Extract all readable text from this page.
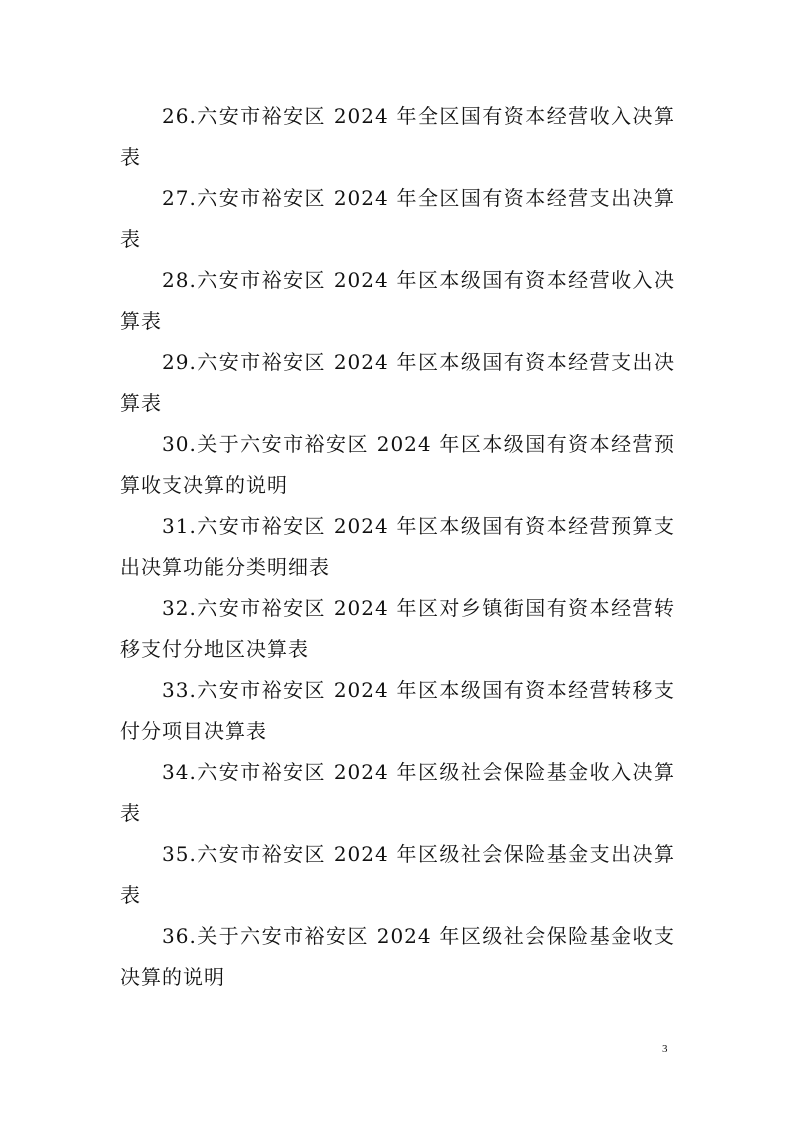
26.六安市裕安区 2024 年全区国有资本经营收入决算表
27.六安市裕安区 2024 年全区国有资本经营支出决算表
28.六安市裕安区 2024 年区本级国有资本经营收入决算表
29.六安市裕安区 2024 年区本级国有资本经营支出决算表
30.关于六安市裕安区 2024 年区本级国有资本经营预算收支决算的说明
31.六安市裕安区 2024 年区本级国有资本经营预算支出决算功能分类明细表
32.六安市裕安区 2024 年区对乡镇街国有资本经营转移支付分地区决算表
33.六安市裕安区 2024 年区本级国有资本经营转移支付分项目决算表
34.六安市裕安区 2024 年区级社会保险基金收入决算表
35.六安市裕安区 2024 年区级社会保险基金支出决算表
36.关于六安市裕安区 2024 年区级社会保险基金收支决算的说明
3
